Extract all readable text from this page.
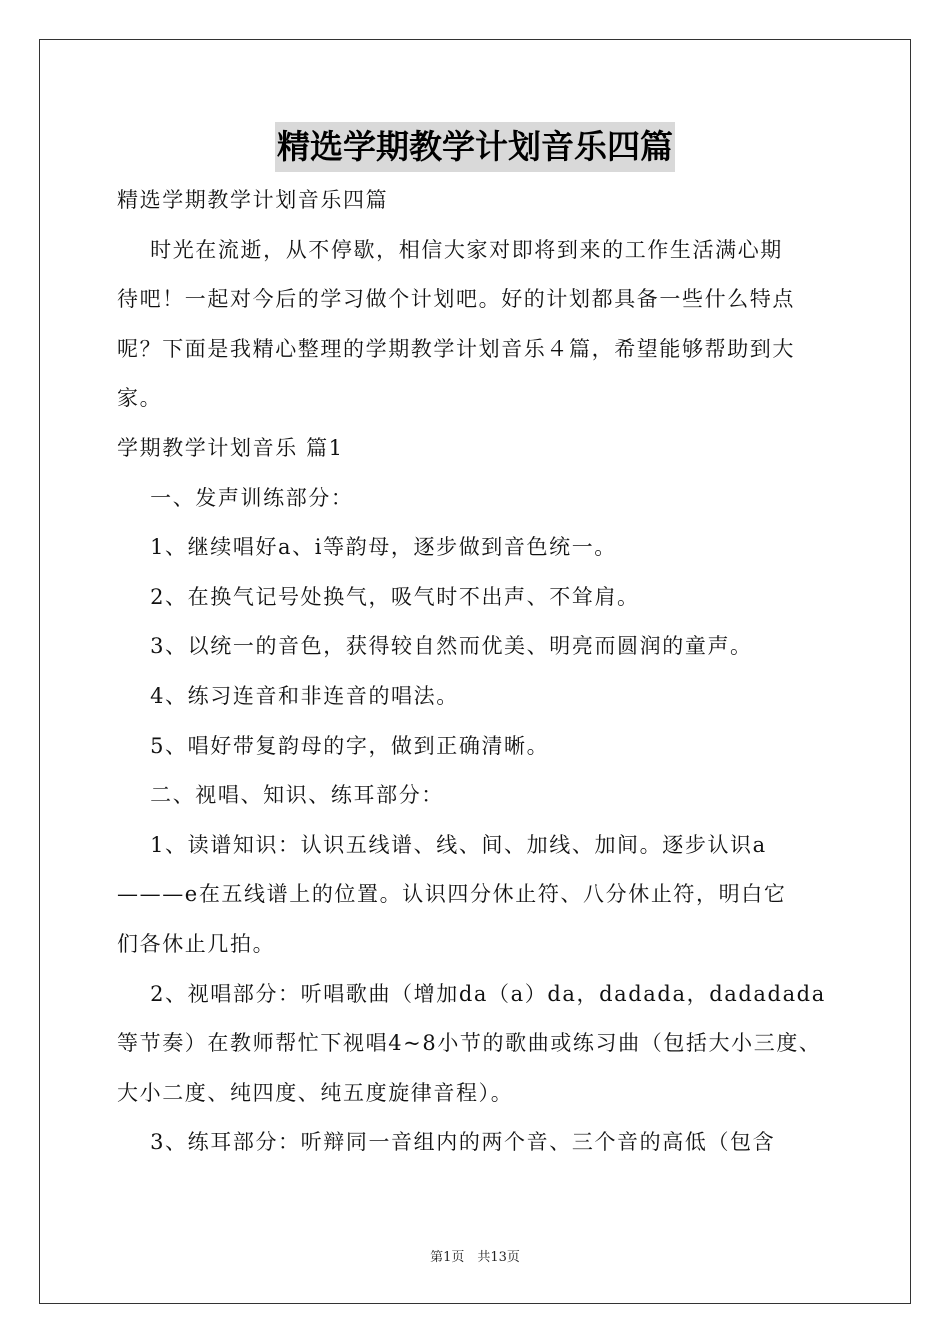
精选学期教学计划音乐四篇
精选学期教学计划音乐四篇
时光在流逝，从不停歇，相信大家对即将到来的工作生活满心期
待吧！一起对今后的学习做个计划吧。好的计划都具备一些什么特点
呢？下面是我精心整理的学期教学计划音乐４篇，希望能够帮助到大
家。
学期教学计划音乐 篇1
一、发声训练部分：
1、继续唱好a、i等韵母，逐步做到音色统一。
2、在换气记号处换气，吸气时不出声、不耸肩。
3、以统一的音色，获得较自然而优美、明亮而圆润的童声。
4、练习连音和非连音的唱法。
5、唱好带复韵母的字，做到正确清晰。
二、视唱、知识、练耳部分：
1、读谱知识：认识五线谱、线、间、加线、加间。逐步认识a
———e在五线谱上的位置。认识四分休止符、八分休止符，明白它
们各休止几拍。
2、视唱部分：听唱歌曲（增加da（a）da，dadada，dadadada
等节奏）在教师帮忙下视唱4~8小节的歌曲或练习曲（包括大小三度、
大小二度、纯四度、纯五度旋律音程）。
3、练耳部分：听辩同一音组内的两个音、三个音的高低（包含
第1页　共13页
